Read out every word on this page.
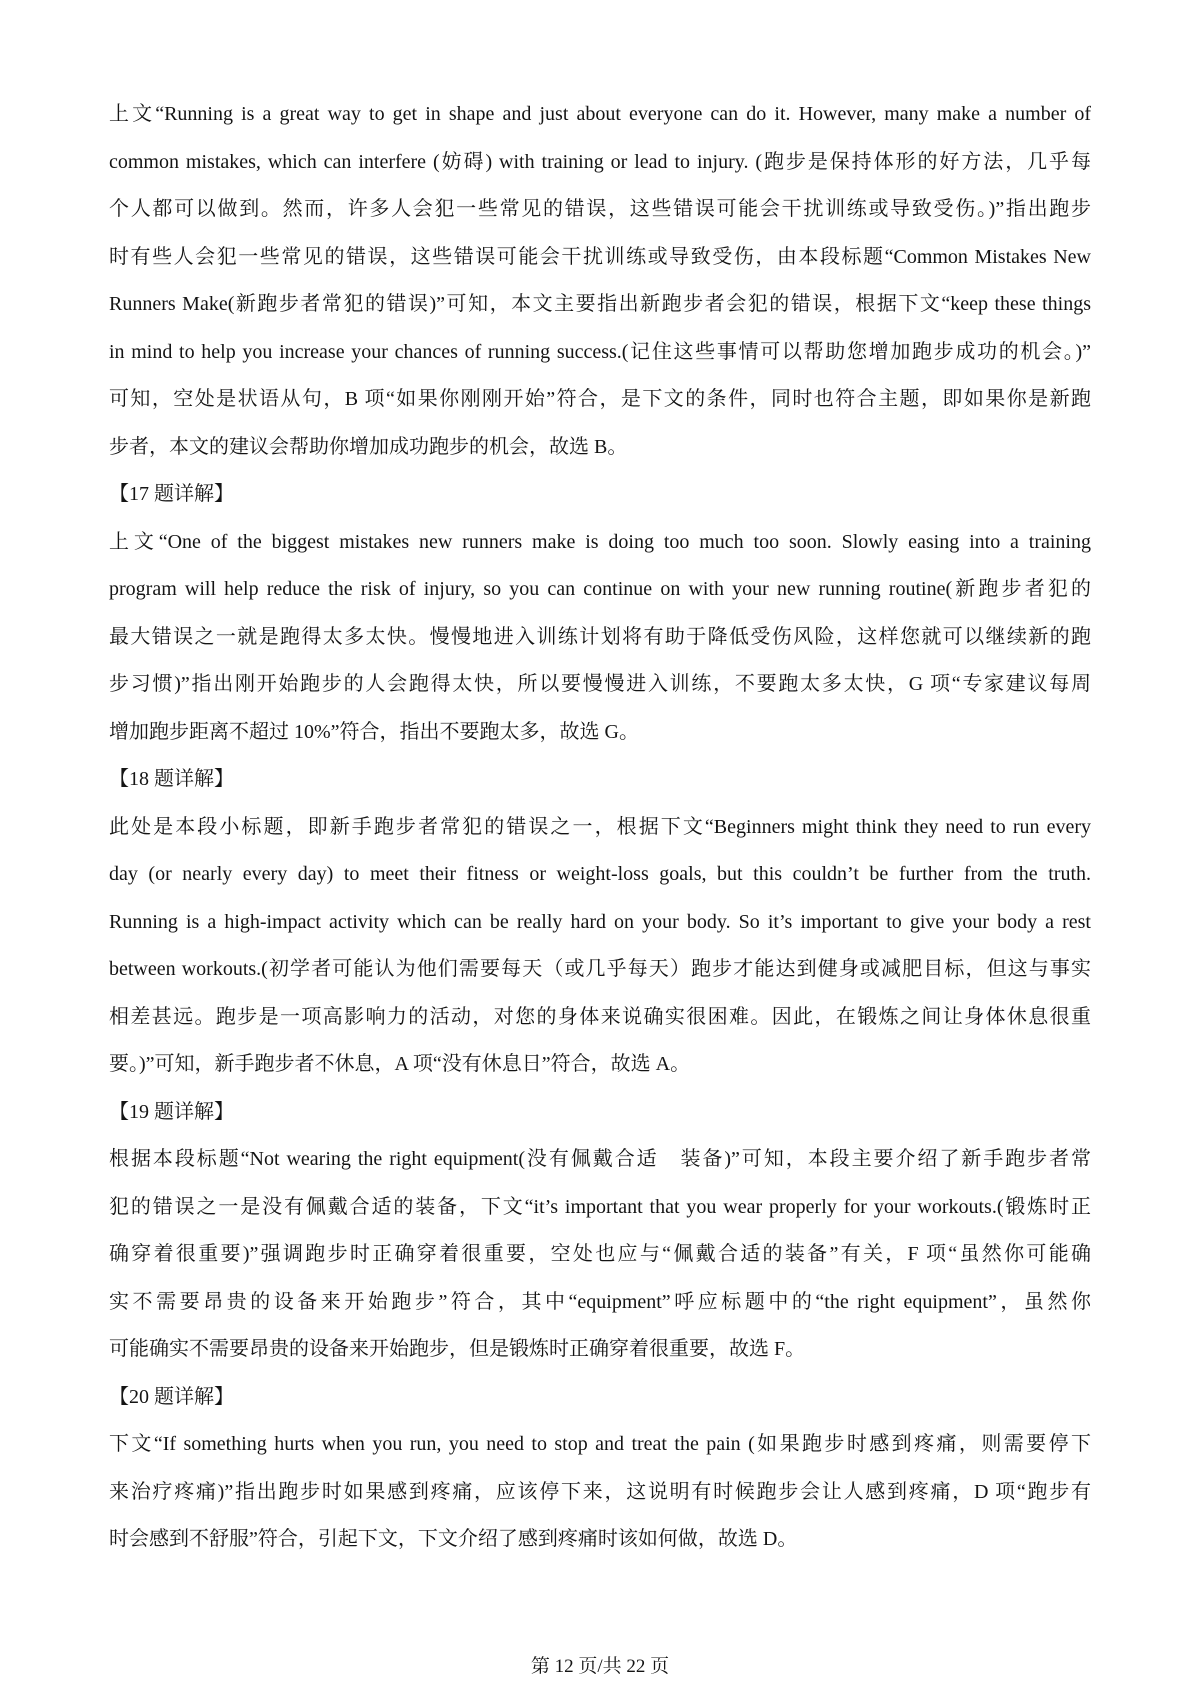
上文“Running is a great way to get in shape and just about everyone can do it. However, many make a number of
common mistakes, which can interfere (妨碍) with training or lead to injury. (跑步是保持体形的好方法，几乎每
个人都可以做到。然而，许多人会犯一些常见的错误，这些错误可能会干扰训练或导致受伤。)”指出跑步
时有些人会犯一些常见的错误，这些错误可能会干扰训练或导致受伤，由本段标题“Common Mistakes New
Runners Make(新跑步者常犯的错误)”可知，本文主要指出新跑步者会犯的错误，根据下文“keep these things
in mind to help you increase your chances of running success.(记住这些事情可以帮助您增加跑步成功的机会。)”
可知，空处是状语从句，B 项“如果你刚刚开始”符合，是下文的条件，同时也符合主题，即如果你是新跑
步者，本文的建议会帮助你增加成功跑步的机会，故选 B。
【17 题详解】
上文“One of the biggest mistakes new runners make is doing too much too soon. Slowly easing into a training
program will help reduce the risk of injury, so you can continue on with your new running routine(新跑步者犯的
最大错误之一就是跑得太多太快。慢慢地进入训练计划将有助于降低受伤风险，这样您就可以继续新的跑
步习惯)”指出刚开始跑步的人会跑得太快，所以要慢慢进入训练，不要跑太多太快，G 项“专家建议每周
增加跑步距离不超过 10%”符合，指出不要跑太多，故选 G。
【18 题详解】
此处是本段小标题，即新手跑步者常犯的错误之一，根据下文“Beginners might think they need to run every
day (or nearly every day) to meet their fitness or weight-loss goals, but this couldn’t be further from the truth.
Running is a high-impact activity which can be really hard on your body. So it’s important to give your body a rest
between workouts.(初学者可能认为他们需要每天（或几乎每天）跑步才能达到健身或减肥目标，但这与事实
相差甚远。跑步是一项高影响力的活动，对您的身体来说确实很困难。因此，在锻炼之间让身体休息很重
要。)”可知，新手跑步者不休息，A 项“没有休息日”符合，故选 A。
【19 题详解】
根据本段标题“Not wearing the right equipment(没有佩戴合适　装备)”可知，本段主要介绍了新手跑步者常
犯的错误之一是没有佩戴合适的装备，下文“it’s important that you wear properly for your workouts.(锻炼时正
确穿着很重要)”强调跑步时正确穿着很重要，空处也应与“佩戴合适的装备”有关，F 项“虽然你可能确
实不需要昂贵的设备来开始跑步”符合，其中“equipment”呼应标题中的“the right equipment”，虽然你
可能确实不需要昂贵的设备来开始跑步，但是锻炼时正确穿着很重要，故选 F。
【20 题详解】
下文“If something hurts when you run, you need to stop and treat the pain (如果跑步时感到疼痛，则需要停下
来治疗疼痛)”指出跑步时如果感到疼痛，应该停下来，这说明有时候跑步会让人感到疼痛，D 项“跑步有
时会感到不舒服”符合，引起下文，下文介绍了感到疼痛时该如何做，故选 D。
第 12 页/共 22 页
